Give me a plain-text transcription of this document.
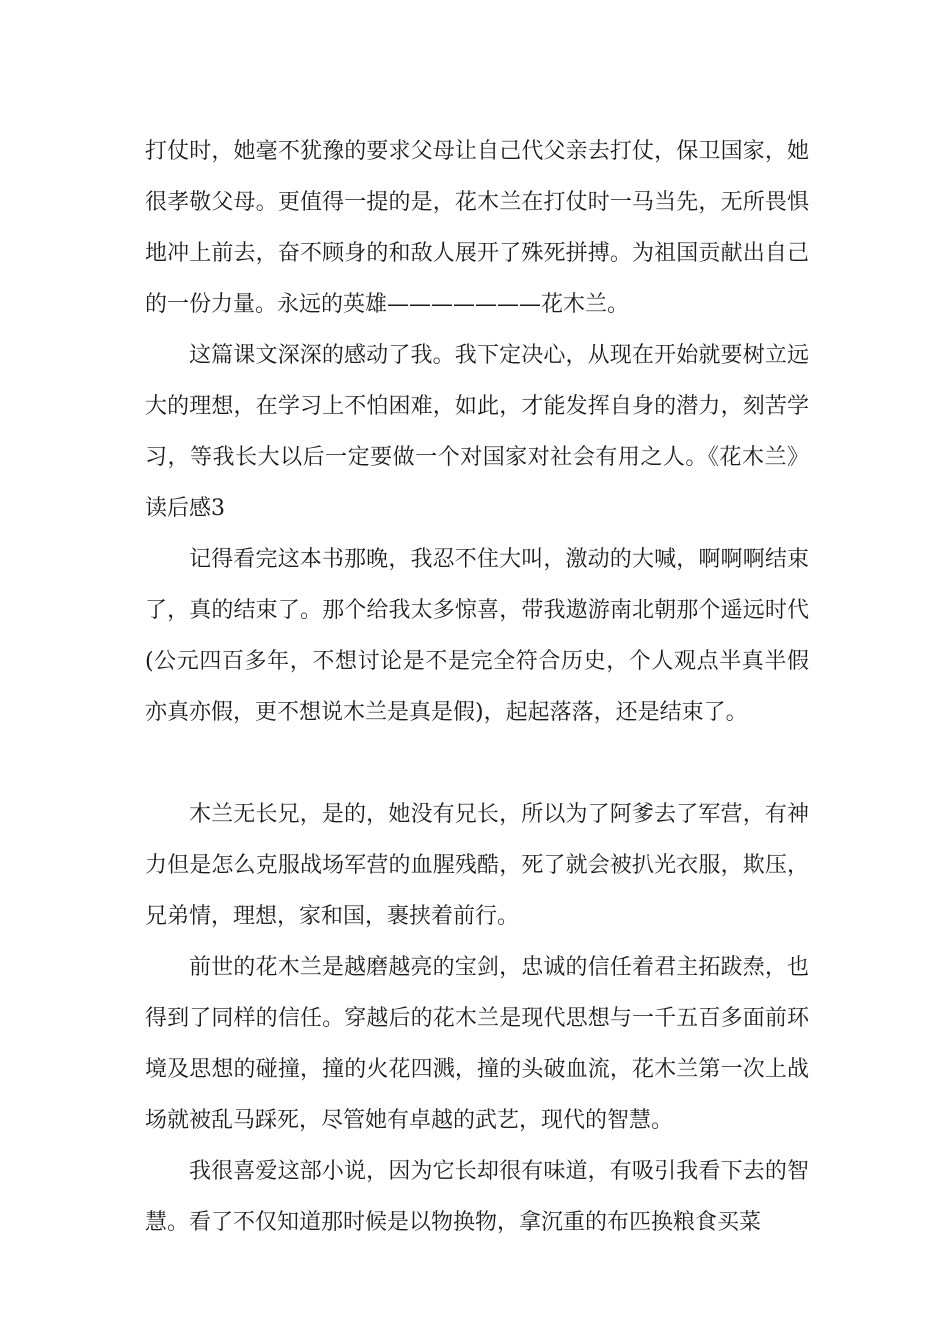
打仗时，她毫不犹豫的要求父母让自己代父亲去打仗，保卫国家，她很孝敬父母。更值得一提的是，花木兰在打仗时一马当先，无所畏惧地冲上前去，奋不顾身的和敌人展开了殊死拼搏。为祖国贡献出自己的一份力量。永远的英雄———————花木兰。

这篇课文深深的感动了我。我下定决心，从现在开始就要树立远大的理想，在学习上不怕困难，如此，才能发挥自身的潜力，刻苦学习，等我长大以后一定要做一个对国家对社会有用之人。《花木兰》读后感3

记得看完这本书那晚，我忍不住大叫，激动的大喊，啊啊啊结束了，真的结束了。那个给我太多惊喜，带我遨游南北朝那个遥远时代(公元四百多年，不想讨论是不是完全符合历史，个人观点半真半假亦真亦假，更不想说木兰是真是假)，起起落落，还是结束了。

木兰无长兄，是的，她没有兄长，所以为了阿爹去了军营，有神力但是怎么克服战场军营的血腥残酷，死了就会被扒光衣服，欺压，兄弟情，理想，家和国，裹挟着前行。

前世的花木兰是越磨越亮的宝剑，忠诚的信任着君主拓跋焘，也得到了同样的信任。穿越后的花木兰是现代思想与一千五百多面前环境及思想的碰撞，撞的火花四溅，撞的头破血流，花木兰第一次上战场就被乱马踩死，尽管她有卓越的武艺，现代的智慧。

我很喜爱这部小说，因为它长却很有味道，有吸引我看下去的智慧。看了不仅知道那时候是以物换物，拿沉重的布匹换粮食买菜
